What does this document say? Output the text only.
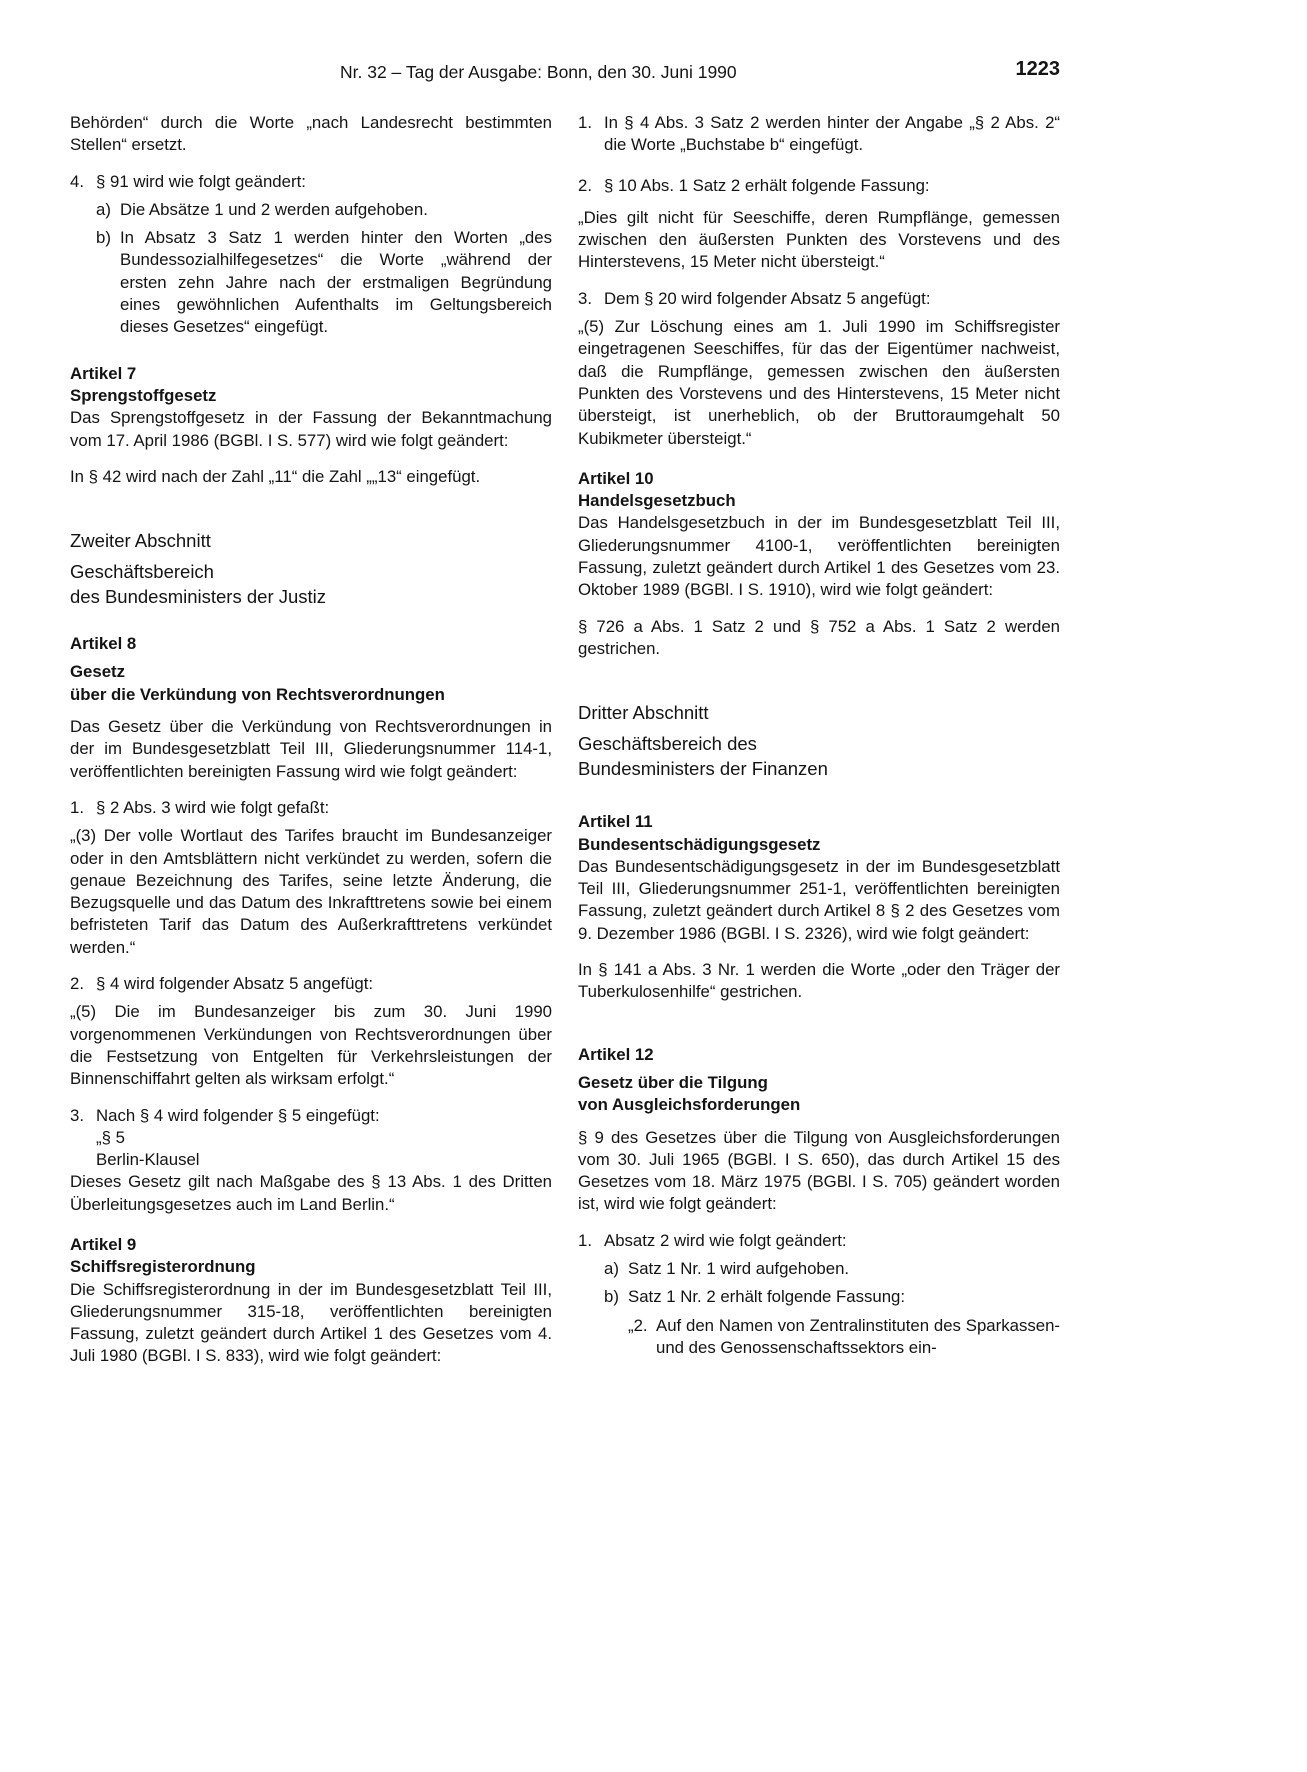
Nr. 32 – Tag der Ausgabe: Bonn, den 30. Juni 1990	1223

Behörden“ durch die Worte „nach Landesrecht bestimmten Stellen“ ersetzt.

4. § 91 wird wie folgt geändert:
a) Die Absätze 1 und 2 werden aufgehoben.
b) In Absatz 3 Satz 1 werden hinter den Worten „des Bundessozialhilfegesetzes“ die Worte „während der ersten zehn Jahre nach der erstmaligen Begründung eines gewöhnlichen Aufenthalts im Geltungsbereich dieses Gesetzes“ eingefügt.

Artikel 7

Sprengstoffgesetz

Das Sprengstoffgesetz in der Fassung der Bekanntmachung vom 17. April 1986 (BGBl. I S. 577) wird wie folgt geändert:

In § 42 wird nach der Zahl „11“ die Zahl „„13“ eingefügt.

Zweiter Abschnitt

Geschäftsbereich

des Bundesministers der Justiz

Artikel 8

Gesetz

über die Verkündung von Rechtsverordnungen

Das Gesetz über die Verkündung von Rechtsverordnungen in der im Bundesgesetzblatt Teil III, Gliederungsnummer 114-1, veröffentlichten bereinigten Fassung wird wie folgt geändert:

1. § 2 Abs. 3 wird wie folgt gefaßt:

„(3) Der volle Wortlaut des Tarifes braucht im Bundesanzeiger oder in den Amtsblättern nicht verkündet zu werden, sofern die genaue Bezeichnung des Tarifes, seine letzte Änderung, die Bezugsquelle und das Datum des Inkrafttretens sowie bei einem befristeten Tarif das Datum des Außerkrafttretens verkündet werden.“

2. § 4 wird folgender Absatz 5 angefügt:

„(5) Die im Bundesanzeiger bis zum 30. Juni 1990 vorgenommenen Verkündungen von Rechtsverordnungen über die Festsetzung von Entgelten für Verkehrsleistungen der Binnenschiffahrt gelten als wirksam erfolgt.“

3. Nach § 4 wird folgender § 5 eingefügt:

„§ 5

Berlin-Klausel

Dieses Gesetz gilt nach Maßgabe des § 13 Abs. 1 des Dritten Überleitungsgesetzes auch im Land Berlin.“

Artikel 9

Schiffsregisterordnung

Die Schiffsregisterordnung in der im Bundesgesetzblatt Teil III, Gliederungsnummer 315-18, veröffentlichten bereinigten Fassung, zuletzt geändert durch Artikel 1 des Gesetzes vom 4. Juli 1980 (BGBl. I S. 833), wird wie folgt geändert:

1. In § 4 Abs. 3 Satz 2 werden hinter der Angabe „§ 2 Abs. 2“ die Worte „Buchstabe b“ eingefügt.
2. § 10 Abs. 1 Satz 2 erhält folgende Fassung:

„Dies gilt nicht für Seeschiffe, deren Rumpflänge, gemessen zwischen den äußersten Punkten des Vorstevens und des Hinterstevens, 15 Meter nicht übersteigt.“

3. Dem § 20 wird folgender Absatz 5 angefügt:

„(5) Zur Löschung eines am 1. Juli 1990 im Schiffsregister eingetragenen Seeschiffes, für das der Eigentümer nachweist, daß die Rumpflänge, gemessen zwischen den äußersten Punkten des Vorstevens und des Hinterstevens, 15 Meter nicht übersteigt, ist unerheblich, ob der Bruttoraumgehalt 50 Kubikmeter übersteigt.“

Artikel 10

Handelsgesetzbuch

Das Handelsgesetzbuch in der im Bundesgesetzblatt Teil III, Gliederungsnummer 4100-1, veröffentlichten bereinigten Fassung, zuletzt geändert durch Artikel 1 des Gesetzes vom 23. Oktober 1989 (BGBl. I S. 1910), wird wie folgt geändert:

§ 726 a Abs. 1 Satz 2 und § 752 a Abs. 1 Satz 2 werden gestrichen.

Dritter Abschnitt

Geschäftsbereich des

Bundesministers der Finanzen

Artikel 11

Bundesentschädigungsgesetz

Das Bundesentschädigungsgesetz in der im Bundesgesetzblatt Teil III, Gliederungsnummer 251-1, veröffentlichten bereinigten Fassung, zuletzt geändert durch Artikel 8 § 2 des Gesetzes vom 9. Dezember 1986 (BGBl. I S. 2326), wird wie folgt geändert:

In § 141 a Abs. 3 Nr. 1 werden die Worte „oder den Träger der Tuberkulosenhilfe“ gestrichen.

Artikel 12

Gesetz über die Tilgung

von Ausgleichsforderungen

§ 9 des Gesetzes über die Tilgung von Ausgleichsforderungen vom 30. Juli 1965 (BGBl. I S. 650), das durch Artikel 15 des Gesetzes vom 18. März 1975 (BGBl. I S. 705) geändert worden ist, wird wie folgt geändert:

1. Absatz 2 wird wie folgt geändert:
a) Satz 1 Nr. 1 wird aufgehoben.
b) Satz 1 Nr. 2 erhält folgende Fassung:
„2. Auf den Namen von Zentralinstituten des Sparkassen- und des Genossenschaftssektors ein-
